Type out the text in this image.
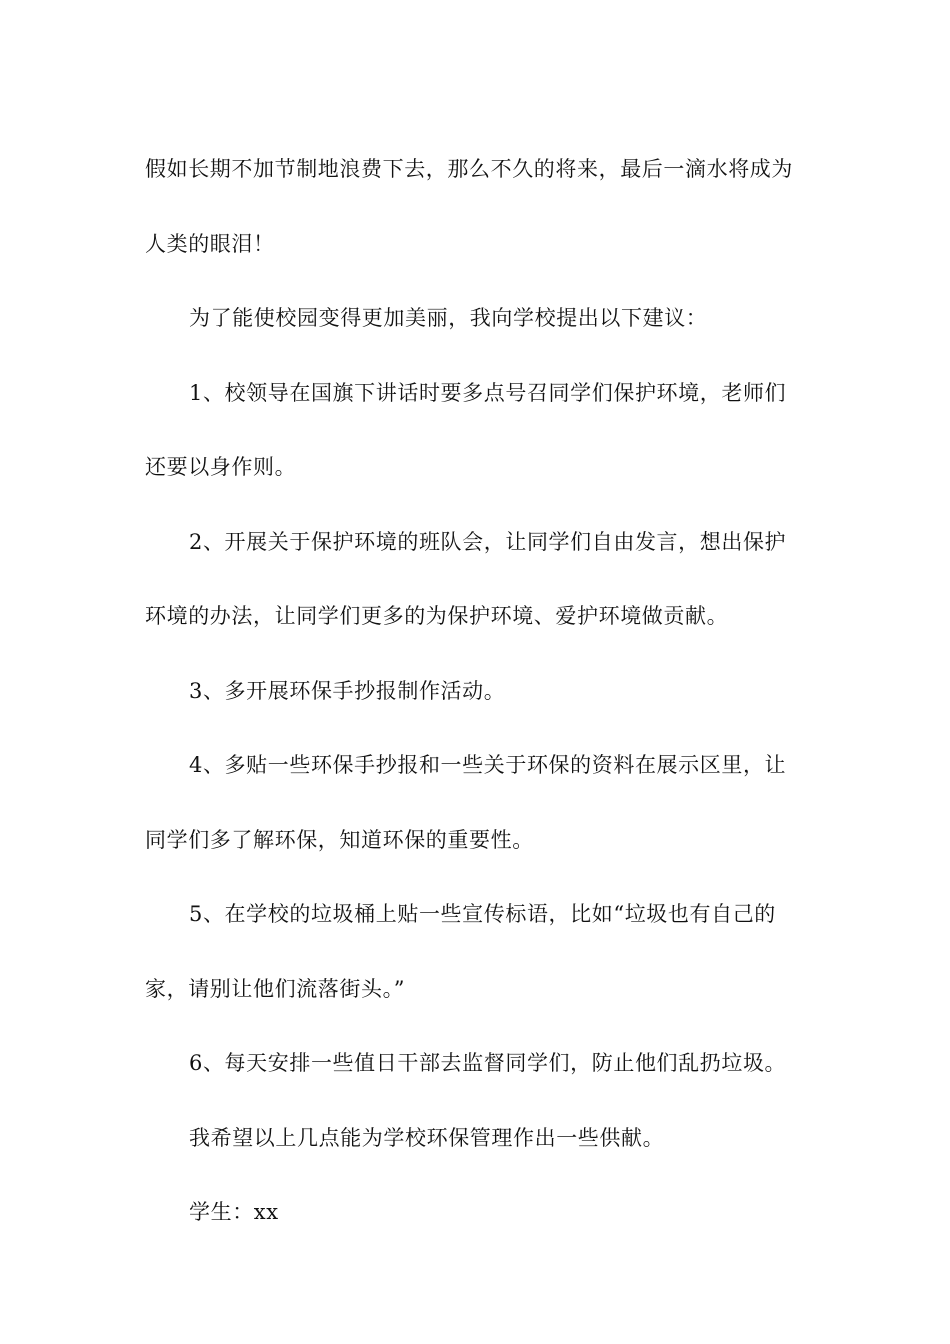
假如长期不加节制地浪费下去，那么不久的将来，最后一滴水将成为人类的眼泪！

为了能使校园变得更加美丽，我向学校提出以下建议：

1、校领导在国旗下讲话时要多点号召同学们保护环境，老师们还要以身作则。

2、开展关于保护环境的班队会，让同学们自由发言，想出保护环境的办法，让同学们更多的为保护环境、爱护环境做贡献。

3、多开展环保手抄报制作活动。

4、多贴一些环保手抄报和一些关于环保的资料在展示区里，让同学们多了解环保，知道环保的重要性。

5、在学校的垃圾桶上贴一些宣传标语，比如“垃圾也有自己的家，请别让他们流落街头。”

6、每天安排一些值日干部去监督同学们，防止他们乱扔垃圾。

我希望以上几点能为学校环保管理作出一些供献。

学生：xx
